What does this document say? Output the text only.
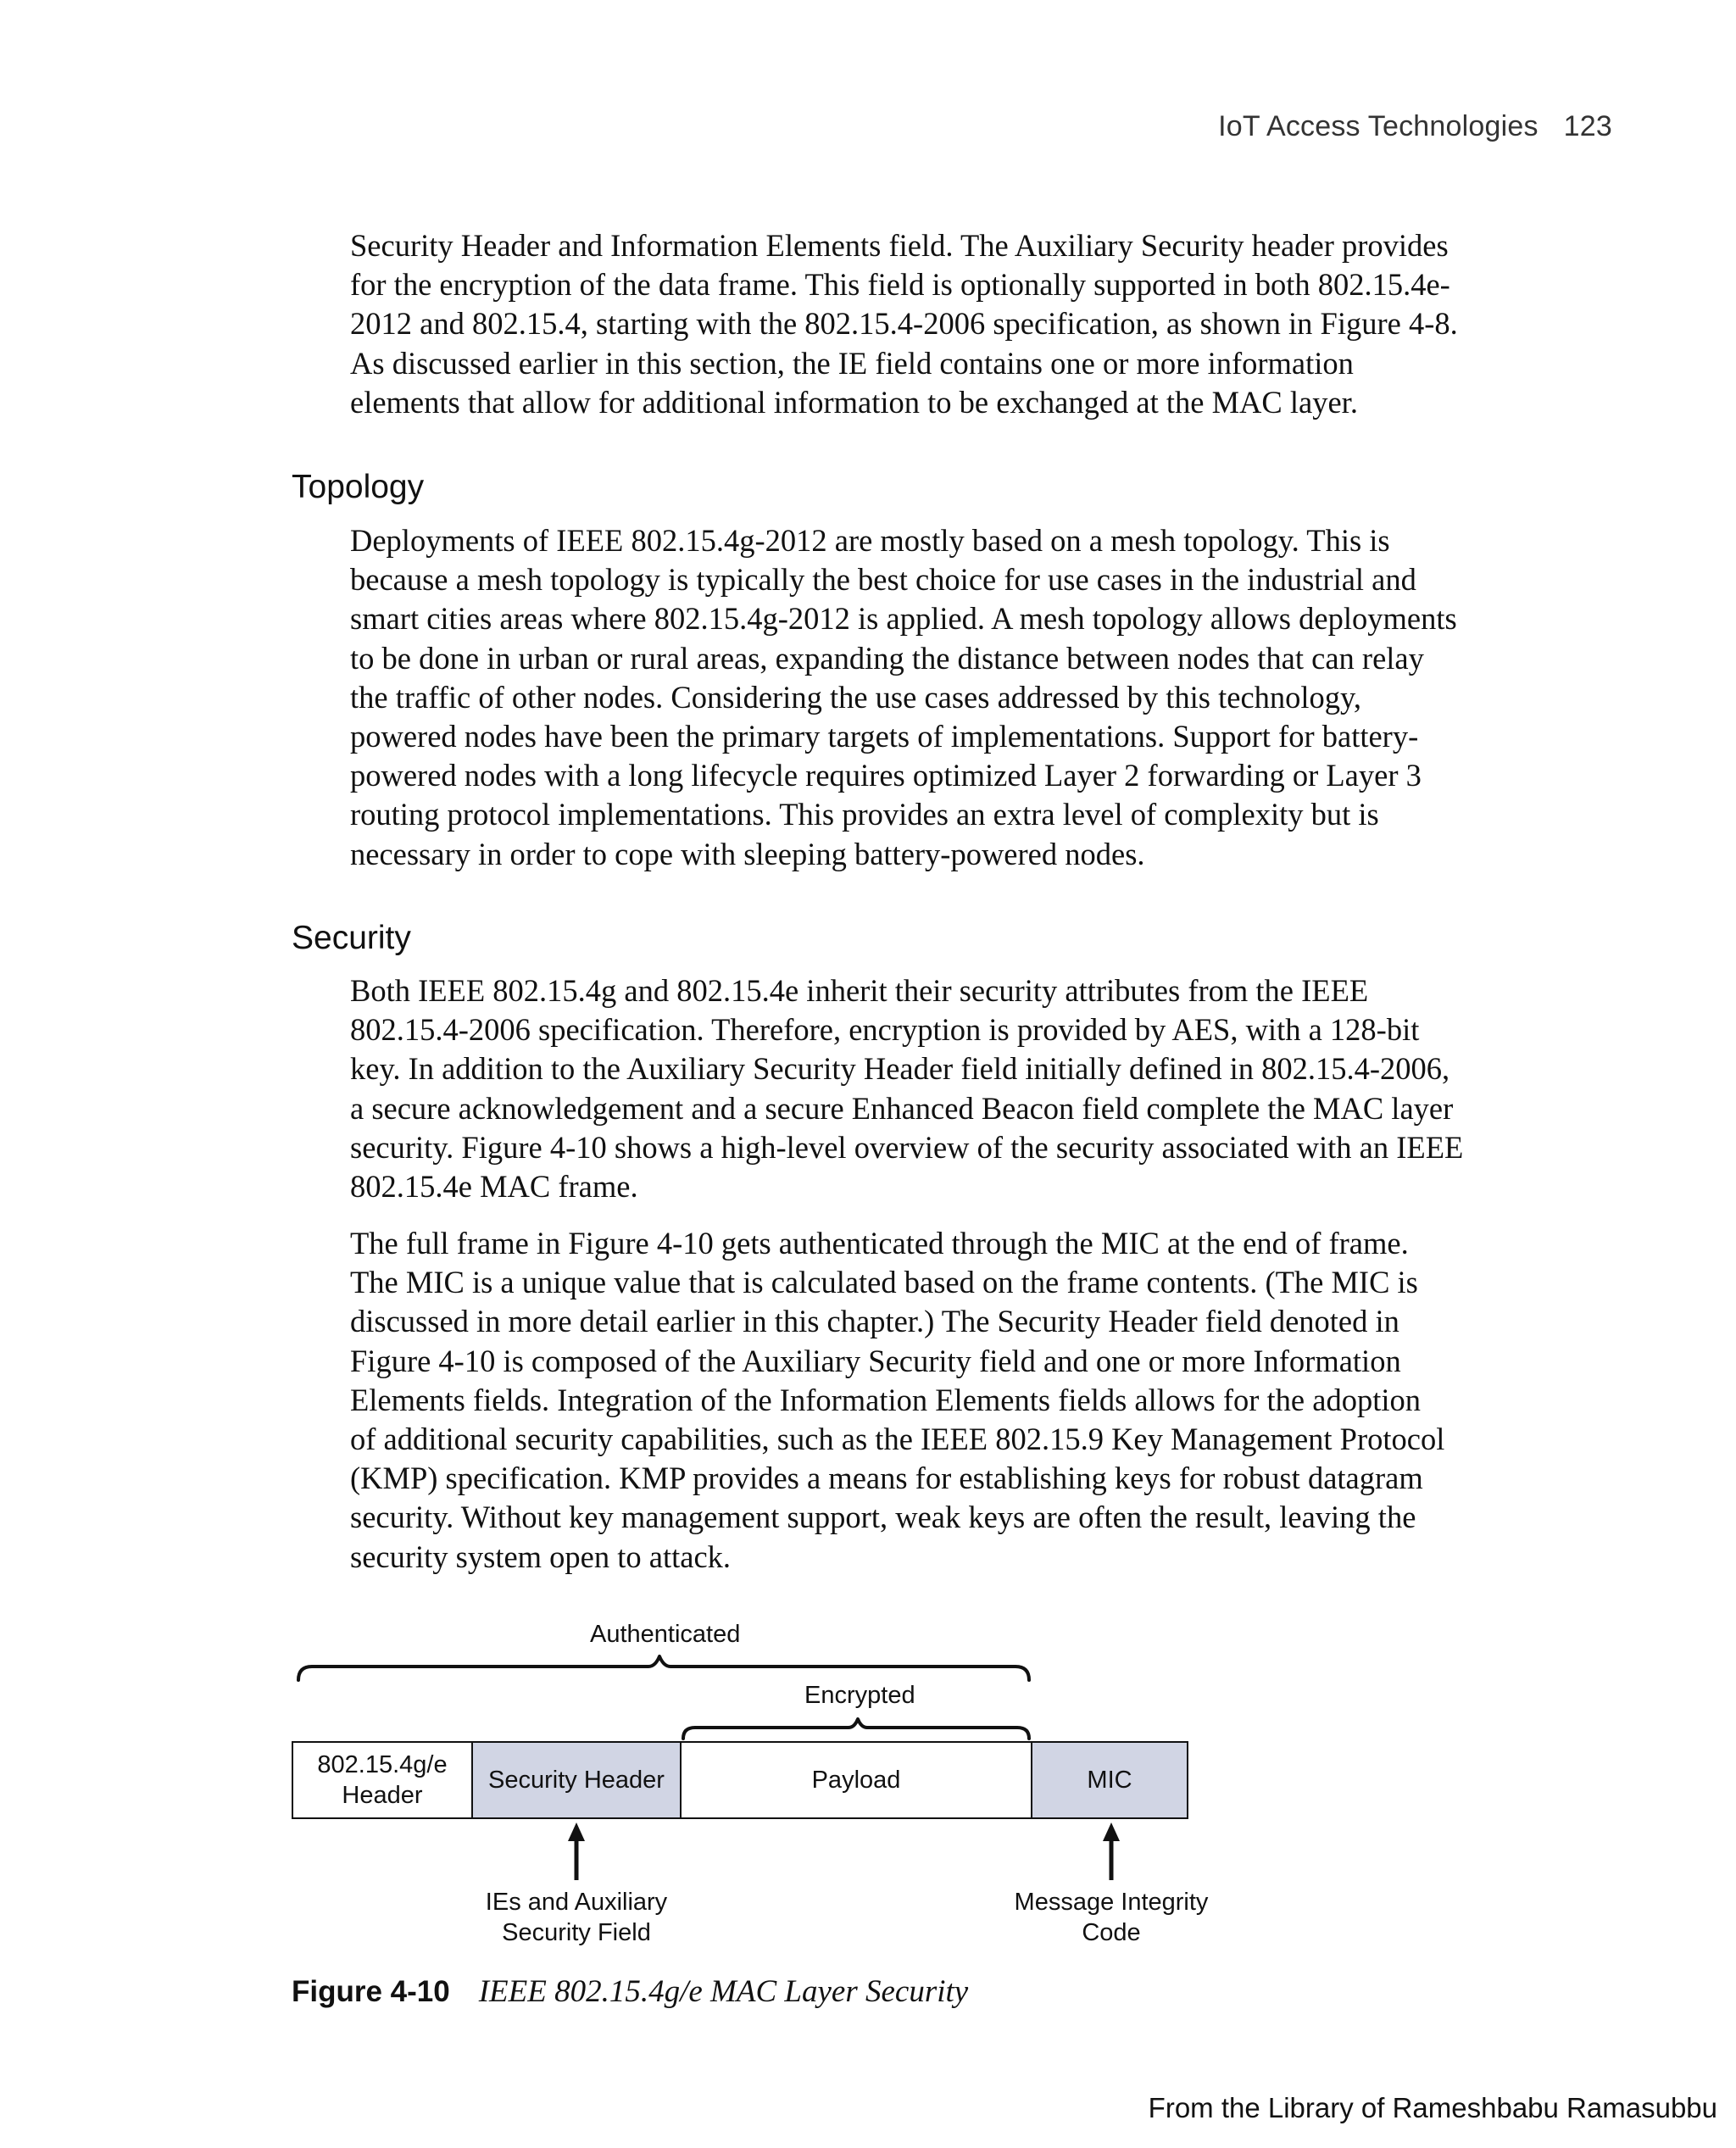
IoT Access Technologies 123

Security Header and Information Elements field. The Auxiliary Security header provides
for the encryption of the data frame. This field is optionally supported in both 802.15.4e-
2012 and 802.15.4, starting with the 802.15.4-2006 specification, as shown in Figure 4-8.
As discussed earlier in this section, the IE field contains one or more information
elements that allow for additional information to be exchanged at the MAC layer.

Topology

Deployments of IEEE 802.15.4g-2012 are mostly based on a mesh topology. This is
because a mesh topology is typically the best choice for use cases in the industrial and
smart cities areas where 802.15.4g-2012 is applied. A mesh topology allows deployments
to be done in urban or rural areas, expanding the distance between nodes that can relay
the traffic of other nodes. Considering the use cases addressed by this technology,
powered nodes have been the primary targets of implementations. Support for battery-
powered nodes with a long lifecycle requires optimized Layer 2 forwarding or Layer 3
routing protocol implementations. This provides an extra level of complexity but is
necessary in order to cope with sleeping battery-powered nodes.

Security

Both IEEE 802.15.4g and 802.15.4e inherit their security attributes from the IEEE
802.15.4-2006 specification. Therefore, encryption is provided by AES, with a 128-bit
key. In addition to the Auxiliary Security Header field initially defined in 802.15.4-2006,
a secure acknowledgement and a secure Enhanced Beacon field complete the MAC layer
security. Figure 4-10 shows a high-level overview of the security associated with an IEEE
802.15.4e MAC frame.

The full frame in Figure 4-10 gets authenticated through the MIC at the end of frame.
The MIC is a unique value that is calculated based on the frame contents. (The MIC is
discussed in more detail earlier in this chapter.) The Security Header field denoted in
Figure 4-10 is composed of the Auxiliary Security field and one or more Information
Elements fields. Integration of the Information Elements fields allows for the adoption
of additional security capabilities, such as the IEEE 802.15.9 Key Management Protocol
(KMP) specification. KMP provides a means for establishing keys for robust datagram
security. Without key management support, weak keys are often the result, leaving the
security system open to attack.

Authenticated
Encrypted
802.15.4g/e
Header
Security Header	Payload	MIC
IEs and Auxiliary
Security Field
Message Integrity
Code
Figure 4-10 IEEE 802.15.4g/e MAC Layer Security
From the Library of Rameshbabu Ramasubbu
